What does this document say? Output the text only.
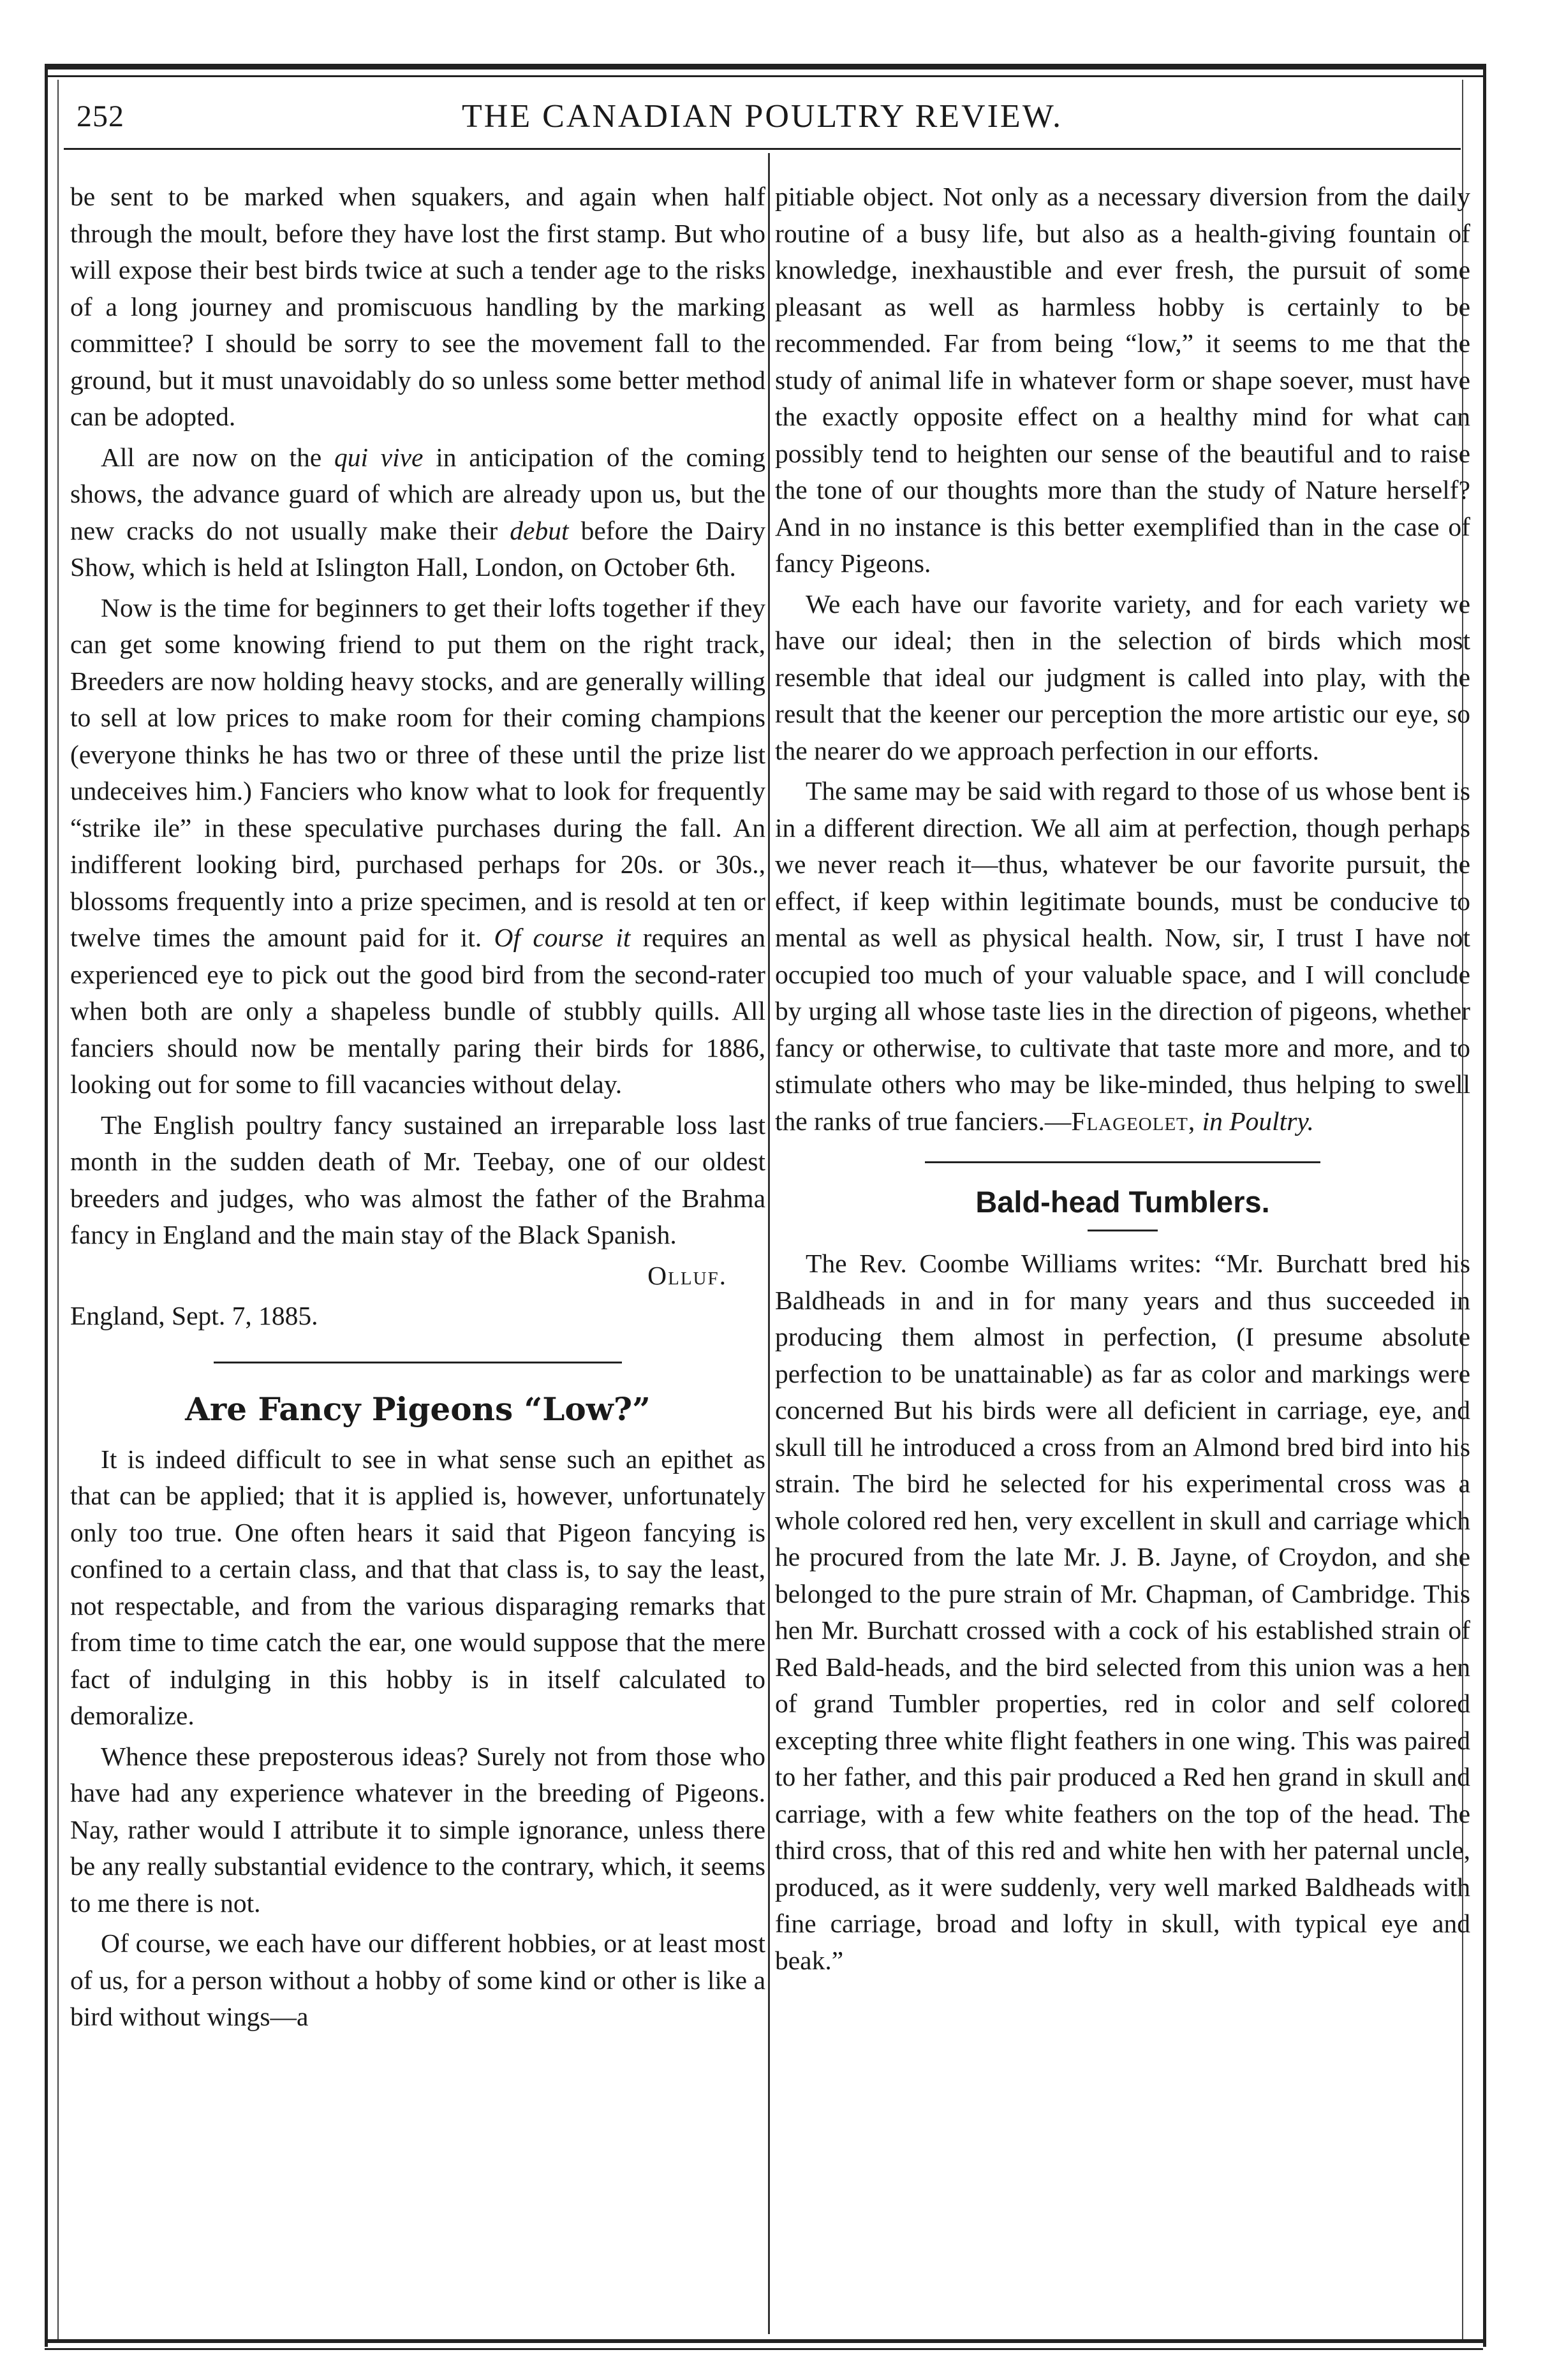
252	THE CANADIAN POULTRY REVIEW.

be sent to be marked when squakers, and again when half through the moult, before they have lost the first stamp. But who will expose their best birds twice at such a tender age to the risks of a long journey and promiscuous handling by the marking committee? I should be sorry to see the movement fall to the ground, but it must unavoidably do so unless some better method can be adopted.

All are now on the qui vive in anticipation of the coming shows, the advance guard of which are already upon us, but the new cracks do not usually make their debut before the Dairy Show, which is held at Islington Hall, London, on October 6th.

Now is the time for beginners to get their lofts together if they can get some knowing friend to put them on the right track, Breeders are now holding heavy stocks, and are generally willing to sell at low prices to make room for their coming champions (everyone thinks he has two or three of these until the prize list undeceives him.) Fanciers who know what to look for frequently “strike ile” in these speculative purchases during the fall. An indifferent looking bird, purchased perhaps for 20s. or 30s., blossoms frequently into a prize specimen, and is resold at ten or twelve times the amount paid for it. Of course it requires an experienced eye to pick out the good bird from the second-rater when both are only a shapeless bundle of stubbly quills. All fanciers should now be mentally paring their birds for 1886, looking out for some to fill vacancies without delay.

The English poultry fancy sustained an irreparable loss last month in the sudden death of Mr. Teebay, one of our oldest breeders and judges, who was almost the father of the Brahma fancy in England and the main stay of the Black Spanish.

Olluf.

England, Sept. 7, 1885.

Are Fancy Pigeons “Low?”

It is indeed difficult to see in what sense such an epithet as that can be applied; that it is applied is, however, unfortunately only too true. One often hears it said that Pigeon fancying is confined to a certain class, and that that class is, to say the least, not respectable, and from the various disparaging remarks that from time to time catch the ear, one would suppose that the mere fact of indulging in this hobby is in itself calculated to demoralize.

Whence these preposterous ideas? Surely not from those who have had any experience whatever in the breeding of Pigeons. Nay, rather would I attribute it to simple ignorance, unless there be any really substantial evidence to the contrary, which, it seems to me there is not.

Of course, we each have our different hobbies, or at least most of us, for a person without a hobby of some kind or other is like a bird without wings—a

pitiable object. Not only as a necessary diversion from the daily routine of a busy life, but also as a health-giving fountain of knowledge, inexhaustible and ever fresh, the pursuit of some pleasant as well as harmless hobby is certainly to be recommended. Far from being “low,” it seems to me that the study of animal life in whatever form or shape soever, must have the exactly opposite effect on a healthy mind for what can possibly tend to heighten our sense of the beautiful and to raise the tone of our thoughts more than the study of Nature herself? And in no instance is this better exemplified than in the case of fancy Pigeons.

We each have our favorite variety, and for each variety we have our ideal; then in the selection of birds which most resemble that ideal our judgment is called into play, with the result that the keener our perception the more artistic our eye, so the nearer do we approach perfection in our efforts.

The same may be said with regard to those of us whose bent is in a different direction. We all aim at perfection, though perhaps we never reach it—thus, whatever be our favorite pursuit, the effect, if keep within legitimate bounds, must be conducive to mental as well as physical health. Now, sir, I trust I have not occupied too much of your valuable space, and I will conclude by urging all whose taste lies in the direction of pigeons, whether fancy or otherwise, to cultivate that taste more and more, and to stimulate others who may be like-minded, thus helping to swell the ranks of true fanciers.—Flageolet, in Poultry.

Bald-head Tumblers.

The Rev. Coombe Williams writes: “Mr. Burchatt bred his Baldheads in and in for many years and thus succeeded in producing them almost in perfection, (I presume absolute perfection to be unattainable) as far as color and markings were concerned But his birds were all deficient in carriage, eye, and skull till he introduced a cross from an Almond bred bird into his strain. The bird he selected for his experimental cross was a whole colored red hen, very excellent in skull and carriage which he procured from the late Mr. J. B. Jayne, of Croydon, and she belonged to the pure strain of Mr. Chapman, of Cambridge. This hen Mr. Burchatt crossed with a cock of his established strain of Red Bald-heads, and the bird selected from this union was a hen of grand Tumbler properties, red in color and self colored excepting three white flight feathers in one wing. This was paired to her father, and this pair produced a Red hen grand in skull and carriage, with a few white feathers on the top of the head. The third cross, that of this red and white hen with her paternal uncle, produced, as it were suddenly, very well marked Baldheads with fine carriage, broad and lofty in skull, with typical eye and beak.”
